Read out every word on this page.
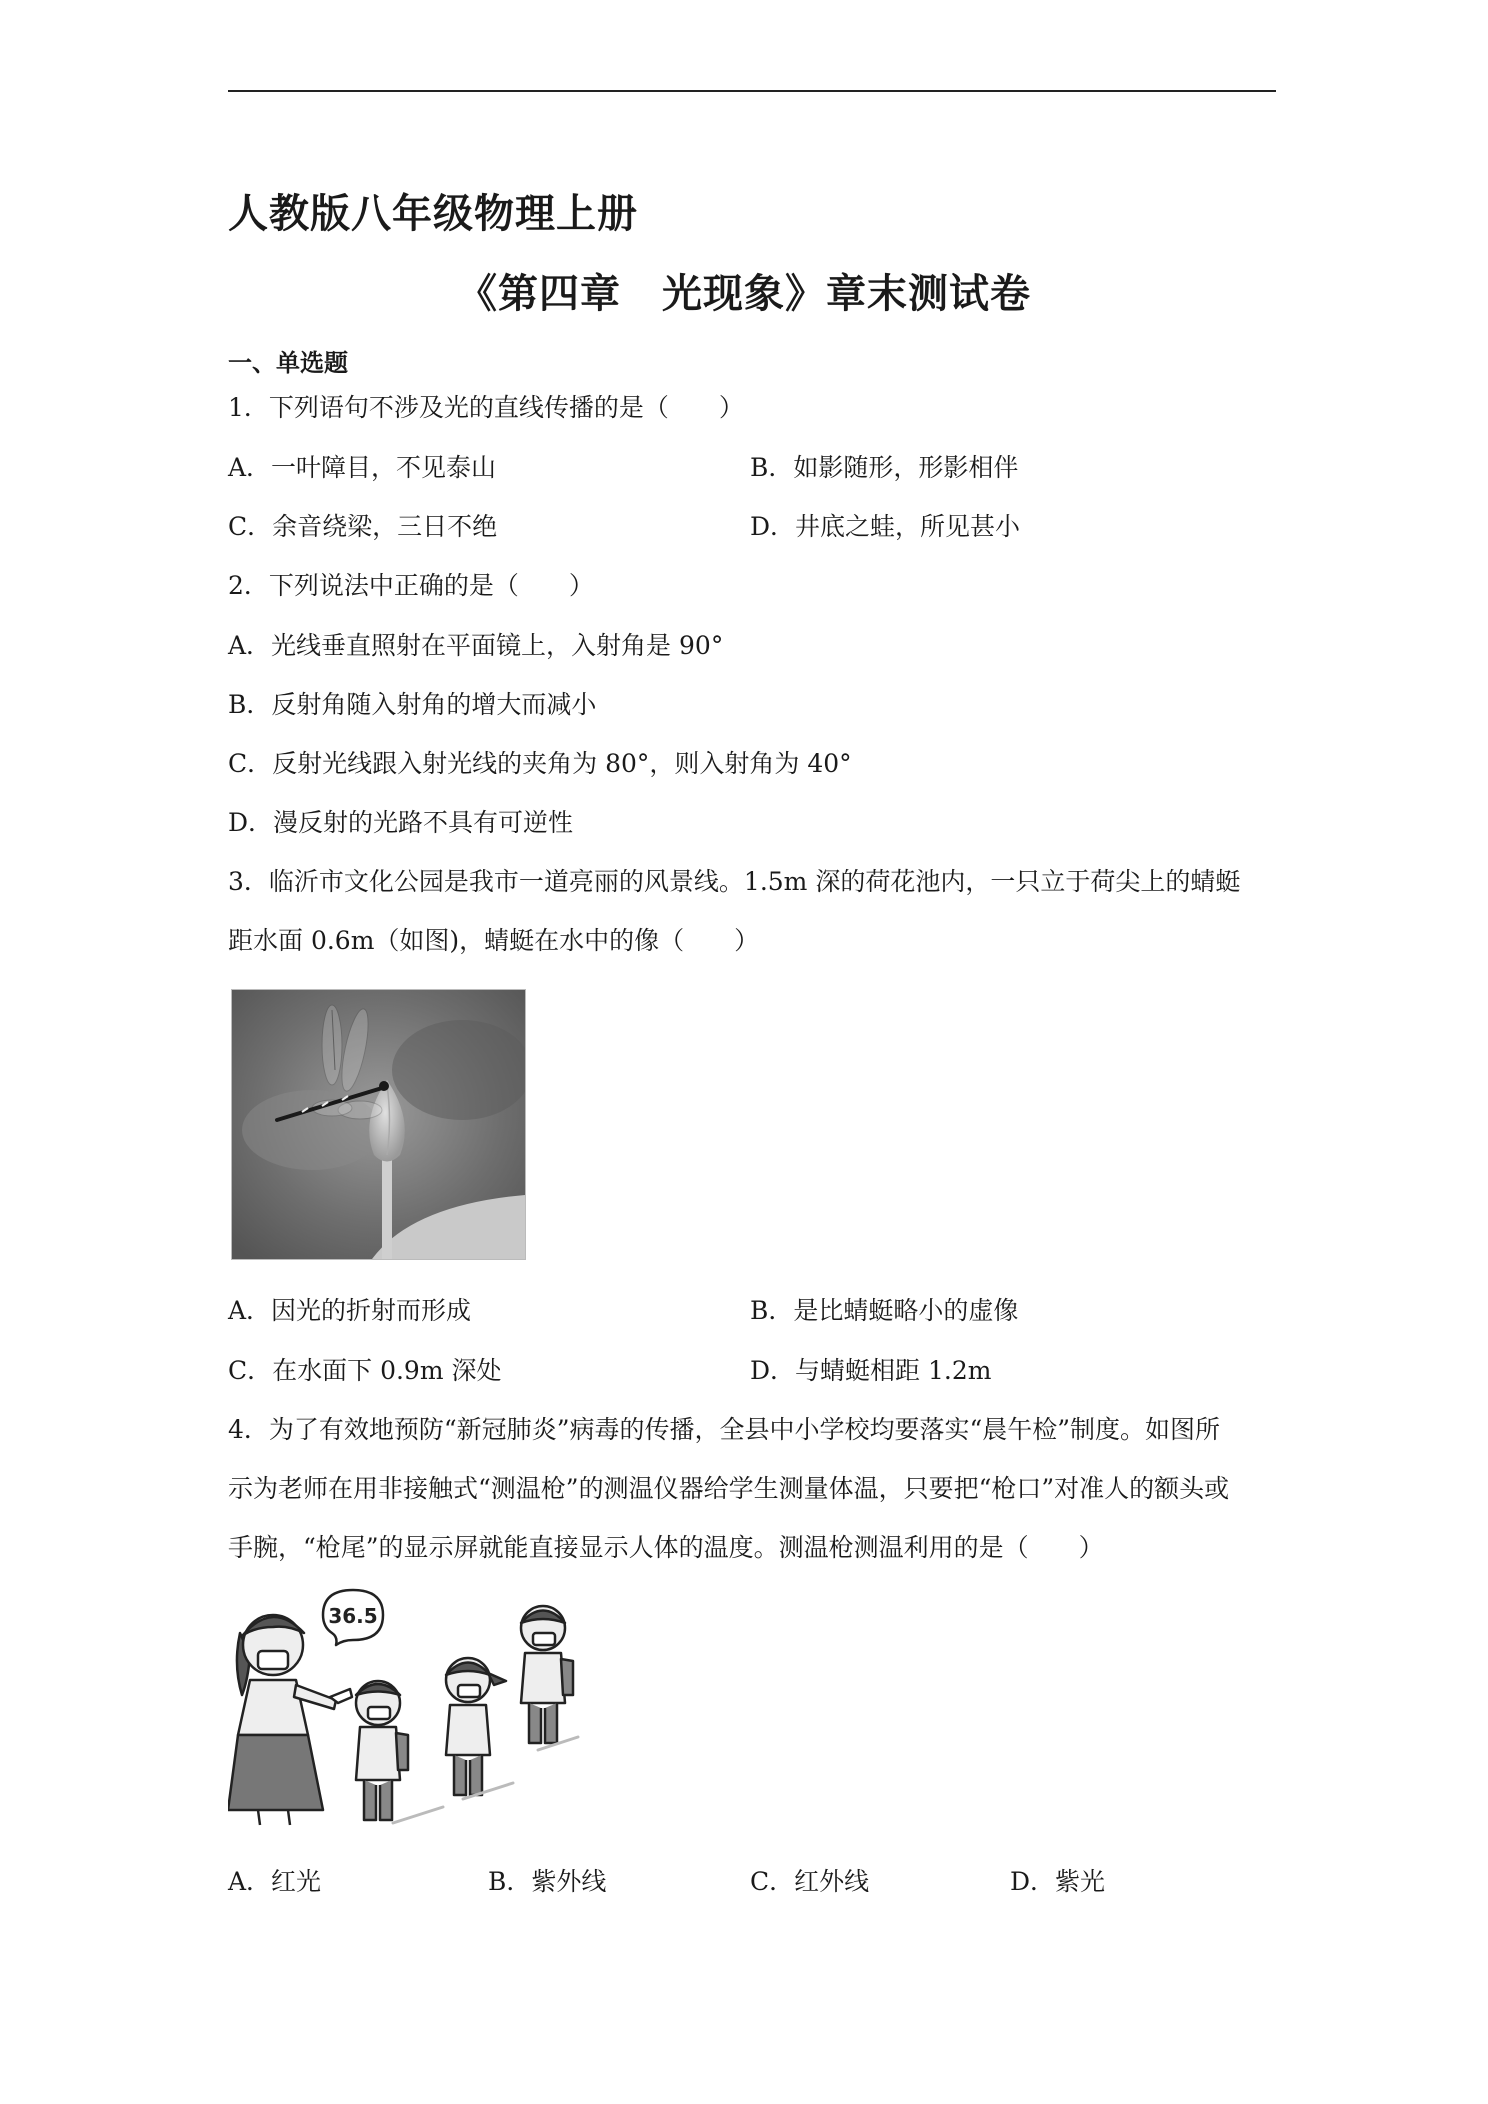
人教版八年级物理上册
《第四章　光现象》章末测试卷
一、单选题
1．下列语句不涉及光的直线传播的是（　　）
A．一叶障目，不见泰山	B．如影随形，形影相伴
C．余音绕梁，三日不绝	D．井底之蛙，所见甚小
2．下列说法中正确的是（　　）
A．光线垂直照射在平面镜上，入射角是 90°
B．反射角随入射角的增大而减小
C．反射光线跟入射光线的夹角为 80°，则入射角为 40°
D．漫反射的光路不具有可逆性
3．临沂市文化公园是我市一道亮丽的风景线。1.5m 深的荷花池内，一只立于荷尖上的蜻蜓
距水面 0.6m（如图)，蜻蜓在水中的像（　　）
A．因光的折射而形成	B．是比蜻蜓略小的虚像
C．在水面下 0.9m 深处	D．与蜻蜓相距 1.2m
4．为了有效地预防“新冠肺炎”病毒的传播，全县中小学校均要落实“晨午检”制度。如图所
示为老师在用非接触式“测温枪”的测温仪器给学生测量体温，只要把“枪口”对准人的额头或
手腕，“枪尾”的显示屏就能直接显示人体的温度。测温枪测温利用的是（　　）
36.5
A．红光	B．紫外线	C．红外线	D．紫光
